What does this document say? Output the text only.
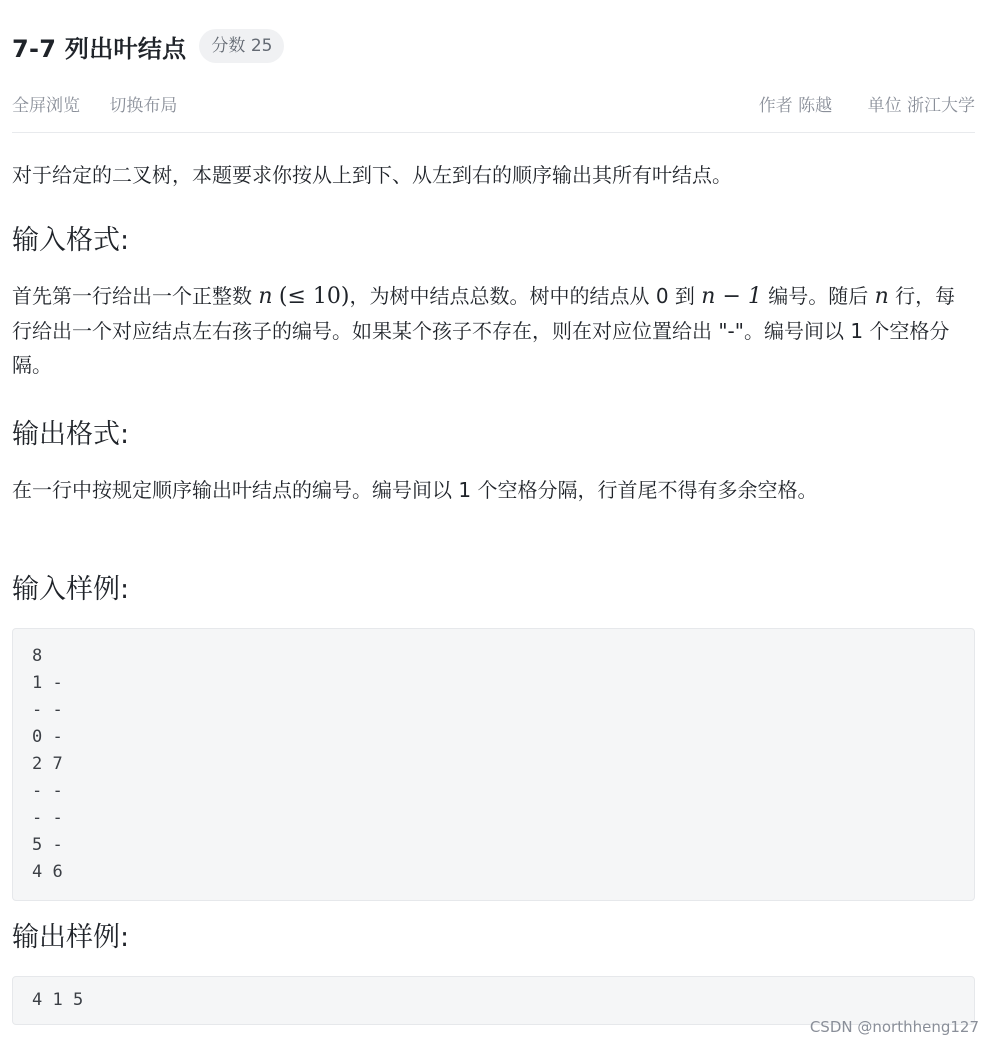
7-7 列出叶结点	分数 25
全屏浏览 切换布局	作者 陈越 单位 浙江大学

对于给定的二叉树，本题要求你按从上到下、从左到右的顺序输出其所有叶结点。

输入格式:

首先第一行给出一个正整数 n (≤ 10)，为树中结点总数。树中的结点从 0 到 n − 1 编号。随后 n 行，每行给出一个对应结点左右孩子的编号。如果某个孩子不存在，则在对应位置给出 "-"。编号间以 1 个空格分隔。

输出格式:

在一行中按规定顺序输出叶结点的编号。编号间以 1 个空格分隔，行首尾不得有多余空格。

输入样例:
8
1 -
- -
0 -
2 7
- -
- -
5 -
4 6
输出样例:
4 1 5
CSDN @northheng127
